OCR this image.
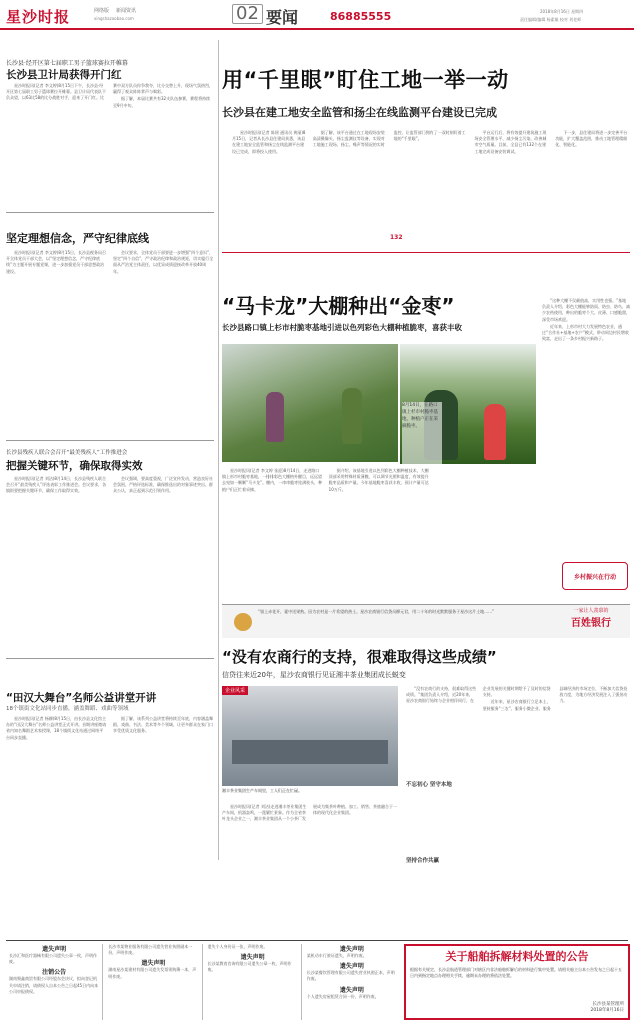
星沙时报	网络版 新闻资讯
xingshazaobao.com	02 要闻	86885555	2018年8月16日 星期四
责任编辑/编辑 杨素雄 校对 刘老师
长沙县·经开区第七届职工男子篮球赛拉开帷幕
长沙县卫计局获得开门红

星沙时报讯(记者 李文婷)8月15日下午，长沙县·经开区第七届职工男子篮球赛拉开帷幕。县卫计局代表队不负众望，以63比58的比分战胜对手，迎来了开门红。比赛中双方队员你争我夺，比分交替上升，现场气氛热烈，赢得了观众阵阵掌声与喝彩。

据了解，本届比赛共有32支队伍参赛，赛程将持续至9月中旬。

坚定理想信念，严守纪律底线

星沙时报讯(记者 李文婷)8月15日，长沙县税务局召开全体党员干部大会，以“坚定理想信念，严守纪律底线”为主题开展专题党课，进一步加强党员干部思想政治建设。

会议要求，全体党员干部要进一步增强“四个意识”，坚定“四个自信”，严守政治纪律和政治规矩，切实履行全面从严治党主体责任，以优异成绩迎接改革开放40周年。

长沙县残疾人联合会召开“最美残疾人”工作推进会
把握关键环节，确保取得实效

星沙时报讯(记者 刘洁)8月14日，长沙县残疾人联合会召开“最美残疾人”评选表彰工作推进会。会议要求，各镇街要把握关键环节，确保工作取得实效。

会议强调，要高度重视，广泛宣传发动，营造良好社会氛围，严格评选标准，确保推选出的对象事迹突出、群众公认，真正起到示范引领作用。

“田汉大舞台”名师公益讲堂开讲
18个镇街文化站同步直播，涵盖舞蹈、戏曲等领域

星沙时报讯(记者 杨柳)8月15日，由长沙县文化馆主办的“田汉大舞台”名师公益讲堂正式开讲。首期讲座邀请省内知名舞蹈艺术家授课，18个镇街文化站通过网络平台同步直播。

据了解，该系列公益讲堂将持续至年底，内容涵盖舞蹈、戏曲、书法、美术等多个领域，让更多群众在家门口享受优质文化服务。

用“千里眼”盯住工地一举一动
长沙县在建工地安全监管和扬尘在线监测平台建设已完成

星沙时报讯(记者 陈瑶 通讯员 黄丽)8月15日，记者从长沙县住建局获悉，该县在建工地安全监管和扬尘在线监测平台建设已完成，即将投入使用。

据了解，该平台通过在工地现场安装高清摄像头、扬尘监测仪等设备，实现对工地施工现场、扬尘、噪声等情况的实时监控，让监管部门拥有了一双时刻盯着工地的“千里眼”。

平台运行后，将有效提升建筑施工现场安全管理水平，减少扬尘污染，改善城市空气质量。目前，全县已有132个在建工地完成设备安装调试。

下一步，县住建局将进一步完善平台功能，扩大覆盖范围，推动工地管理精细化、智能化。

132
“马卡龙”大棚种出“金枣”
长沙县路口镇上杉市村脆枣基地引进以色列彩色大棚种植脆枣，喜获丰收
8月14日，在路口镇上杉市村脆枣基地，种植户正在采摘脆枣。

星沙时报讯(记者 李文婷 张迎)8月14日，走进路口镇上杉市村脆枣基地，一排排彩色大棚格外醒目，远远望去宛如一颗颗“马卡龙”。棚内，一串串脆枣挂满枝头，种植户们正忙着采摘。

据介绍，该基地引进以色列彩色大棚种植技术，大棚顶部采用特殊材质薄膜，可以调节光照和温度，有效提升脆枣品质和产量。今年基地脆枣喜获丰收，预计产量可达10万斤。

“这种大棚不仅颜值高，实用性也强。”基地负责人介绍，彩色大棚能够防雨、防虫、防鸟，减少农药使用，种出的脆枣个大、皮薄、口感脆甜，深受市场欢迎。

近年来，上杉市村大力发展特色农业，通过“合作社+基地+农户”模式，带动周边村民增收致富，走出了一条乡村振兴新路子。

乡村振兴在行动
“银上赤花开，霍中送果熟。因为农村是一片希望的热土。星沙农商银行信贷员柳元君，用二十年的时光默默服务于星沙这片土地……”	一家让人羡慕的
百姓银行
“没有农商行的支持，很难取得这些成绩”
信贷往来近20年，星沙农商银行见证湘丰茶业集团成长蜕变
企业风采
湘丰茶业集团生产车间里，工人们正在忙碌。

星沙时报讯(记者 刘洁)走进湘丰茶业集团生产车间，机器轰鸣，一派繁忙景象。作为全省茶叶龙头企业之一，湘丰茶业集团从一个小茶厂发展成为集茶叶种植、加工、销售、茶旅融合于一体的现代化企业集团。

不忘初心 坚守本地

“没有农商行的支持，很难取得这些成绩。”集团负责人介绍，近20年来，星沙农商银行始终与企业相伴同行，在企业发展的关键时期给予了及时的信贷支持。

近年来，星沙农商银行立足本土，坚持服务“三农”、服务小微企业、服务县域经济的市场定位，不断加大信贷投放力度，为地方经济发展注入了强劲动力。

坚持合作共赢
遗失声明
长沙汇和医疗器械有限公司遗失公章一枚，声明作废。
注销公告
湖南聚鑫商贸有限公司经股东会决议，拟向登记机关申请注销，请债权人自本公告之日起45日内向本公司申报债权。
长沙市某物业服务有限公司遗失营业执照副本一份，声明作废。
遗失声明
湖南星沙某建材有限公司遗失发票领购簿一本，声明作废。
遗失个人身份证一张，声明作废。
遗失声明
长沙某教育咨询有限公司遗失公章一枚，声明作废。
遗失声明
某机动车行驶证遗失，声明作废。
遗失声明
长沙某餐饮管理有限公司遗失营业执照正本，声明作废。
遗失声明
个人遗失房屋租赁合同一份，声明作废。
关于船舶拆解材料处置的公告
根据有关规定，长沙县航道管理部门对辖区内非法船舶拆解后的材料进行集中处置。请相关船主自本公告发布之日起十五日内到指定地点办理相关手续，逾期未办理的将依法处置。
长沙县某管理所
2018年8月16日
